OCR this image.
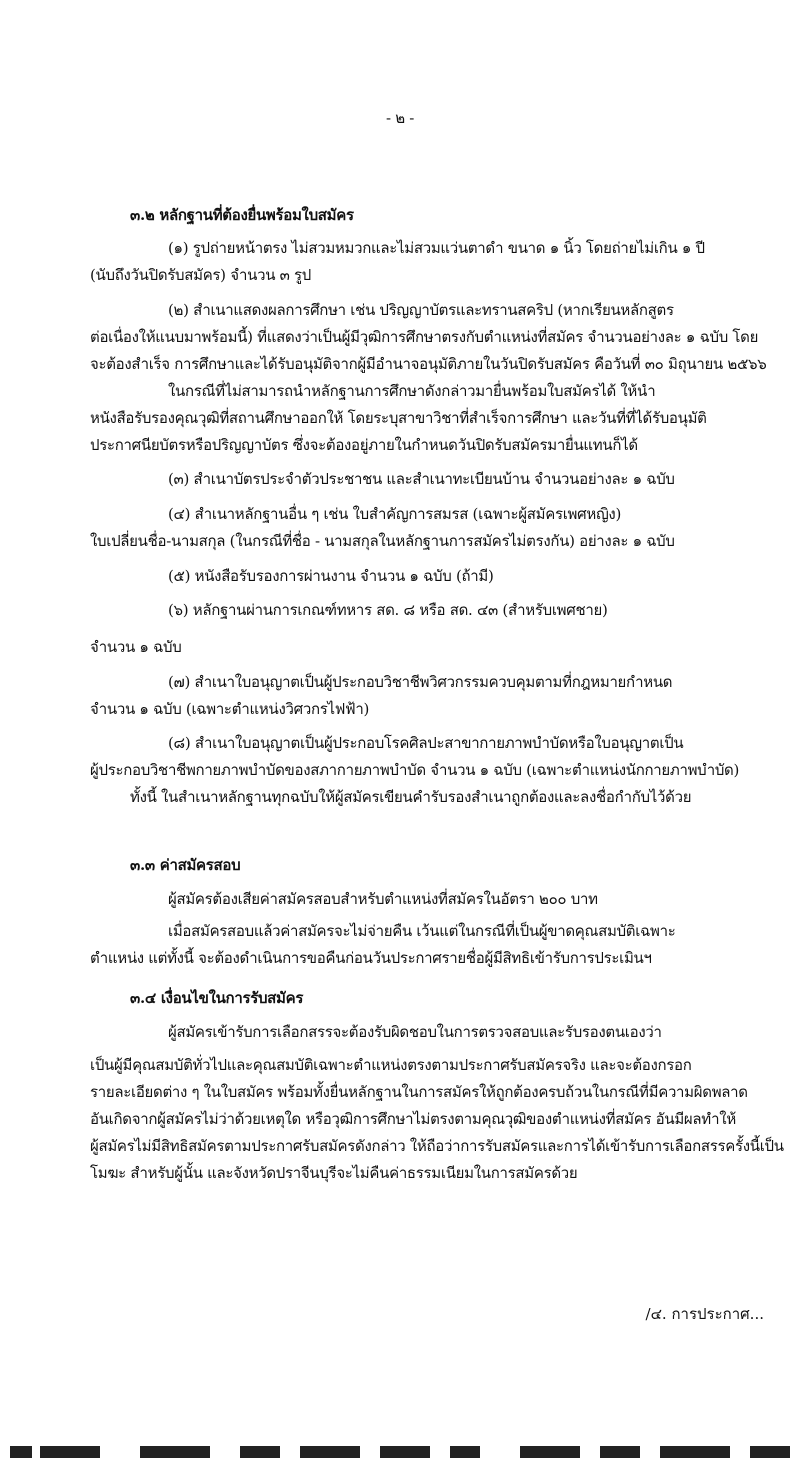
- ๒ -
๓.๒ หลักฐานที่ต้องยื่นพร้อมใบสมัคร
(๑) รูปถ่ายหน้าตรง ไม่สวมหมวกและไม่สวมแว่นตาดำ ขนาด ๑ นิ้ว โดยถ่ายไม่เกิน ๑ ปี
(นับถึงวันปิดรับสมัคร) จำนวน ๓ รูป
(๒) สำเนาแสดงผลการศึกษา เช่น ปริญญาบัตรและทรานสคริป (หากเรียนหลักสูตร
ต่อเนื่องให้แนบมาพร้อมนี้) ที่แสดงว่าเป็นผู้มีวุฒิการศึกษาตรงกับตำแหน่งที่สมัคร จำนวนอย่างละ ๑ ฉบับ โดย
จะต้องสำเร็จ การศึกษาและได้รับอนุมัติจากผู้มีอำนาจอนุมัติภายในวันปิดรับสมัคร คือวันที่ ๓๐ มิถุนายน ๒๕๖๖
ในกรณีที่ไม่สามารถนำหลักฐานการศึกษาดังกล่าวมายื่นพร้อมใบสมัครได้ ให้นำ
หนังสือรับรองคุณวุฒิที่สถานศึกษาออกให้ โดยระบุสาขาวิชาที่สำเร็จการศึกษา และวันที่ที่ได้รับอนุมัติ
ประกาศนียบัตรหรือปริญญาบัตร ซึ่งจะต้องอยู่ภายในกำหนดวันปิดรับสมัครมายื่นแทนก็ได้
(๓) สำเนาบัตรประจำตัวประชาชน และสำเนาทะเบียนบ้าน จำนวนอย่างละ ๑ ฉบับ
(๔) สำเนาหลักฐานอื่น ๆ เช่น ใบสำคัญการสมรส (เฉพาะผู้สมัครเพศหญิง)
ใบเปลี่ยนชื่อ-นามสกุล (ในกรณีที่ชื่อ - นามสกุลในหลักฐานการสมัครไม่ตรงกัน) อย่างละ ๑ ฉบับ
(๕) หนังสือรับรองการผ่านงาน จำนวน ๑ ฉบับ (ถ้ามี)
(๖) หลักฐานผ่านการเกณฑ์ทหาร สด. ๘ หรือ สด. ๔๓ (สำหรับเพศชาย)
จำนวน ๑ ฉบับ
(๗) สำเนาใบอนุญาตเป็นผู้ประกอบวิชาชีพวิศวกรรมควบคุมตามที่กฎหมายกำหนด
จำนวน ๑ ฉบับ (เฉพาะตำแหน่งวิศวกรไฟฟ้า)
(๘) สำเนาใบอนุญาตเป็นผู้ประกอบโรคศิลปะสาขากายภาพบำบัดหรือใบอนุญาตเป็น
ผู้ประกอบวิชาชีพกายภาพบำบัดของสภากายภาพบำบัด จำนวน ๑ ฉบับ (เฉพาะตำแหน่งนักกายภาพบำบัด)
ทั้งนี้ ในสำเนาหลักฐานทุกฉบับให้ผู้สมัครเขียนคำรับรองสำเนาถูกต้องและลงชื่อกำกับไว้ด้วย
๓.๓ ค่าสมัครสอบ
ผู้สมัครต้องเสียค่าสมัครสอบสำหรับตำแหน่งที่สมัครในอัตรา ๒๐๐ บาท
เมื่อสมัครสอบแล้วค่าสมัครจะไม่จ่ายคืน เว้นแต่ในกรณีที่เป็นผู้ขาดคุณสมบัติเฉพาะ
ตำแหน่ง แต่ทั้งนี้ จะต้องดำเนินการขอคืนก่อนวันประกาศรายชื่อผู้มีสิทธิเข้ารับการประเมินฯ
๓.๔ เงื่อนไขในการรับสมัคร
ผู้สมัครเข้ารับการเลือกสรรจะต้องรับผิดชอบในการตรวจสอบและรับรองตนเองว่า
เป็นผู้มีคุณสมบัติทั่วไปและคุณสมบัติเฉพาะตำแหน่งตรงตามประกาศรับสมัครจริง และจะต้องกรอก
รายละเอียดต่าง ๆ ในใบสมัคร พร้อมทั้งยื่นหลักฐานในการสมัครให้ถูกต้องครบถ้วนในกรณีที่มีความผิดพลาด
อันเกิดจากผู้สมัครไม่ว่าด้วยเหตุใด หรือวุฒิการศึกษาไม่ตรงตามคุณวุฒิของตำแหน่งที่สมัคร อันมีผลทำให้
ผู้สมัครไม่มีสิทธิสมัครตามประกาศรับสมัครดังกล่าว ให้ถือว่าการรับสมัครและการได้เข้ารับการเลือกสรรครั้งนี้เป็น
โมฆะ สำหรับผู้นั้น และจังหวัดปราจีนบุรีจะไม่คืนค่าธรรมเนียมในการสมัครด้วย
/๔. การประกาศ...
